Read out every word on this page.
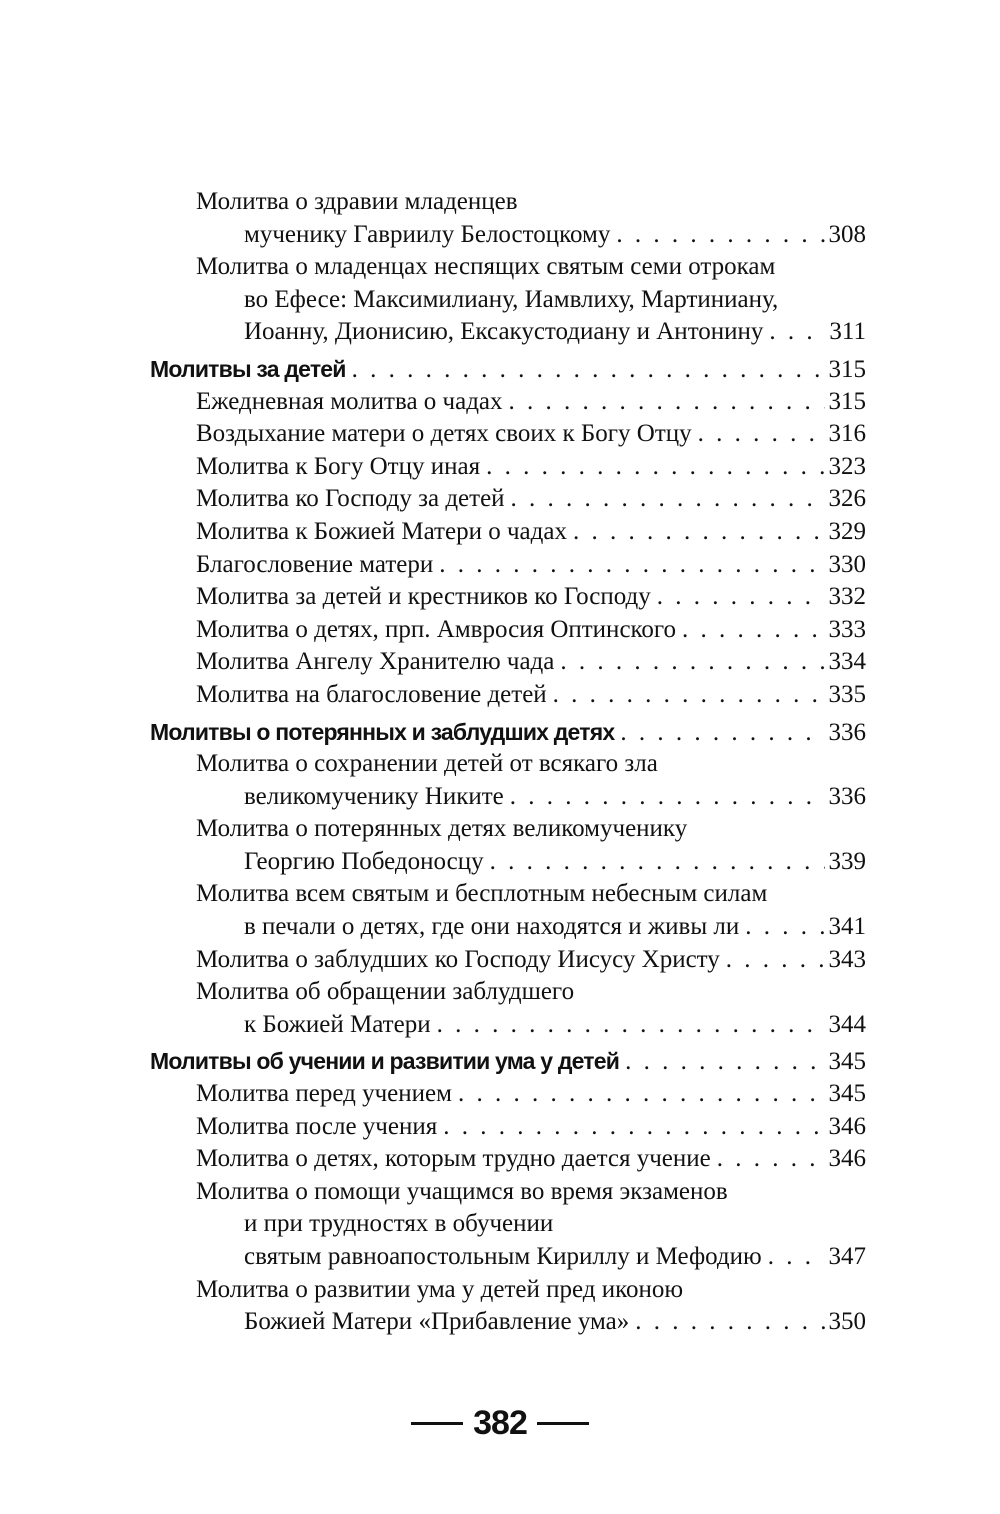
Молитва о здравии младенцев
мученику Гавриилу Белостоцкому . . .	308
Молитва о младенцах неспящих святым семи отрокам
во Ефесе: Максимилиану, Иамвлиху, Мартиниану,
Иоанну, Дионисию, Ексакустодиану и Антонину . . .	311
Молитвы за детей . . .	315
Ежедневная молитва о чадах . . .	315
Воздыхание матери о детях своих к Богу Отцу . . .	316
Молитва к Богу Отцу иная . . .	323
Молитва ко Господу за детей . . .	326
Молитва к Божией Матери о чадах . . .	329
Благословение матери . . .	330
Молитва за детей и крестников ко Господу . . .	332
Молитва о детях, прп. Амвросия Оптинского . . .	333
Молитва Ангелу Хранителю чада . . .	334
Молитва на благословение детей . . .	335
Молитвы о потерянных и заблудших детях . . .	336
Молитва о сохранении детей от всякаго зла
великомученику Никите . . .	336
Молитва о потерянных детях великомученику
Георгию Победоносцу . . .	339
Молитва всем святым и бесплотным небесным силам
в печали о детях, где они находятся и живы ли . . .	341
Молитва о заблудших ко Господу Иисусу Христу . . .	343
Молитва об обращении заблудшего
к Божией Матери . . .	344
Молитвы об учении и развитии ума у детей . . .	345
Молитва перед учением . . .	345
Молитва после учения . . .	346
Молитва о детях, которым трудно дается учение . . .	346
Молитва о помощи учащимся во время экзаменов
и при трудностях в обучении
святым равноапостольным Кириллу и Мефодию . . .	347
Молитва о развитии ума у детей пред иконою
Божией Матери «Прибавление ума» . . .	350
382
